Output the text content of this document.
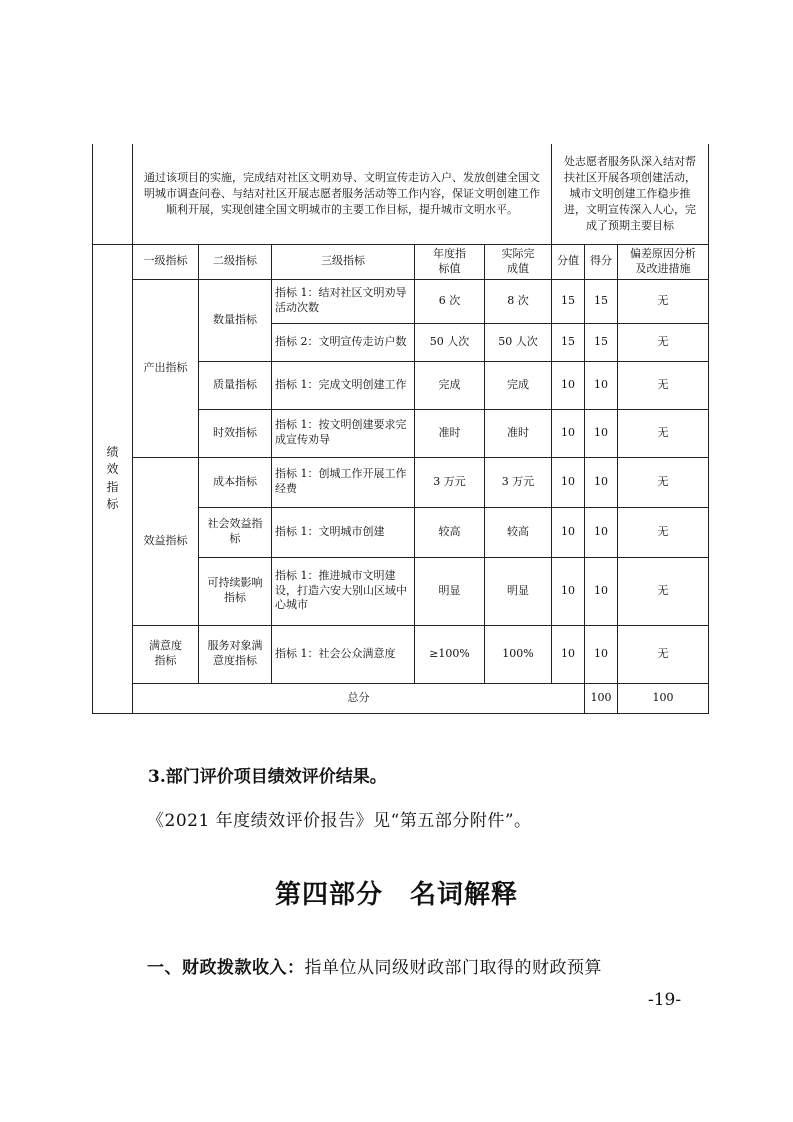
	通过该项目的实施，完成结对社区文明劝导、文明宣传走访入户、发放创建全国文明城市调查问卷、与结对社区开展志愿者服务活动等工作内容，保证文明创建工作顺利开展，实现创建全国文明城市的主要工作目标，提升城市文明水平。					处志愿者服务队深入结对帮扶社区开展各项创建活动，城市文明创建工作稳步推进，文明宣传深入人心，完成了预期主要目标			

绩效指标	一级指标	二级指标	三级指标	年度指标值	实际完成值	分值	得分	偏差原因分析及改进措施	
	产出指标	数量指标	指标 1：结对社区文明劝导活动次数	6 次	8 次	15	15	无	
			指标 2：文明宣传走访户数	50 人次	50 人次	15	15	无	
		质量指标	指标 1：完成文明创建工作	完成	完成	10	10	无	
		时效指标	指标 1：按文明创建要求完成宣传劝导	准时	准时	10	10	无	
	效益指标	成本指标	指标 1：创城工作开展工作经费	3 万元	3 万元	10	10	无	
		社会效益指标	指标 1：文明城市创建	较高	较高	10	10	无	
		可持续影响指标	指标 1：推进城市文明建设，打造六安大别山区域中心城市	明显	明显	10	10	无	
	满意度指标	服务对象满意度指标	指标 1：社会公众满意度	≥100%	100%	10	10	无	
	总分						100	100	
3.部门评价项目绩效评价结果。
《2021 年度绩效评价报告》见“第五部分附件”。
第四部分　名词解释
一、财政拨款收入：指单位从同级财政部门取得的财政预算
-19-
